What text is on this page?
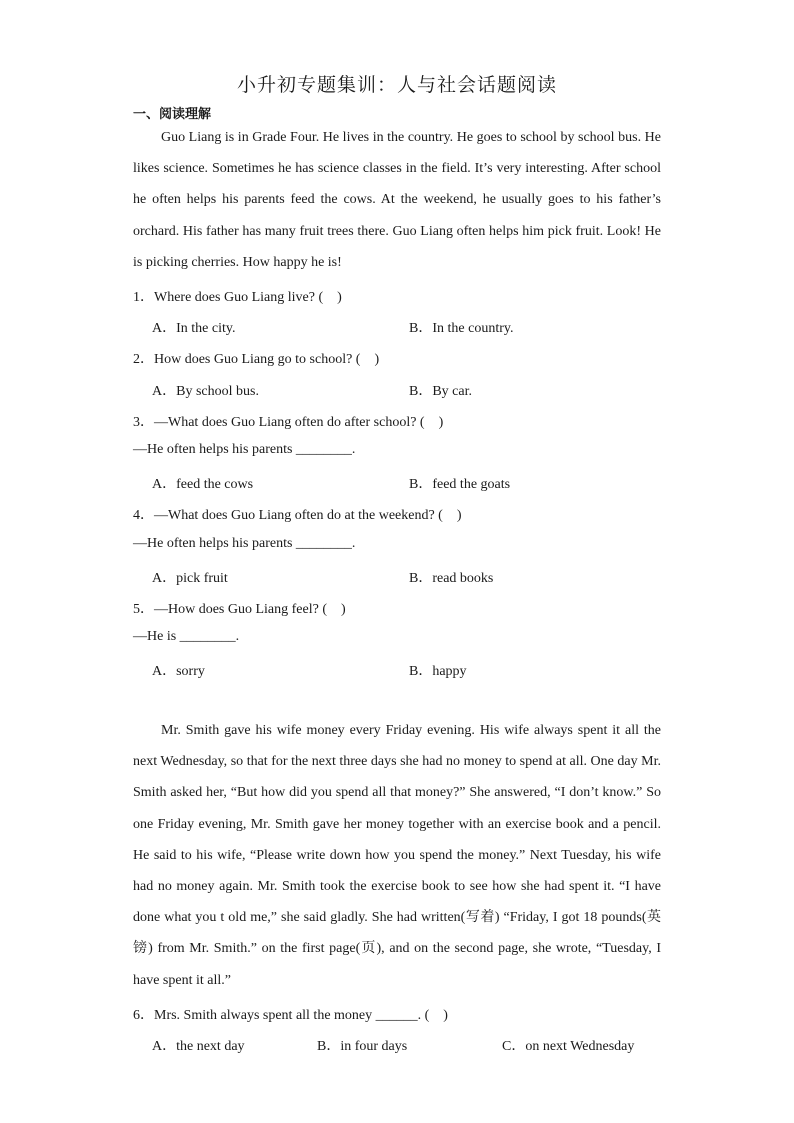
小升初专题集训：人与社会话题阅读
一、阅读理解

Guo Liang is in Grade Four. He lives in the country. He goes to school by school bus. He likes science. Sometimes he has science classes in the field. It’s very interesting. After school he often helps his parents feed the cows. At the weekend, he usually goes to his father’s orchard. His father has many fruit trees there. Guo Liang often helps him pick fruit. Look! He is picking cherries. How happy he is!

1．Where does Guo Liang live? (　)
A．In the city.	B．In the country.
2．How does Guo Liang go to school? (　)
A．By school bus.	B．By car.
3．—What does Guo Liang often do after school? (　)
—He often helps his parents ________.
A．feed the cows	B．feed the goats
4．—What does Guo Liang often do at the weekend? (　)
—He often helps his parents ________.
A．pick fruit	B．read books
5．—How does Guo Liang feel? (　)
—He is ________.
A．sorry	B．happy

Mr. Smith gave his wife money every Friday evening. His wife always spent it all the next Wednesday, so that for the next three days she had no money to spend at all. One day Mr. Smith asked her, “But how did you spend all that money?” She answered, “I don’t know.” So one Friday evening, Mr. Smith gave her money together with an exercise book and a pencil. He said to his wife, “Please write down how you spend the money.” Next Tuesday, his wife had no money again. Mr. Smith took the exercise book to see how she had spent it. “I have done what you t old me,” she said gladly. She had written(写着) “Friday, I got 18 pounds(英镑) from Mr. Smith.” on the first page(页), and on the second page, she wrote, “Tuesday, I have spent it all.”

6．Mrs. Smith always spent all the money ______. (　)
A．the next day	B．in four days	C．on next Wednesday
